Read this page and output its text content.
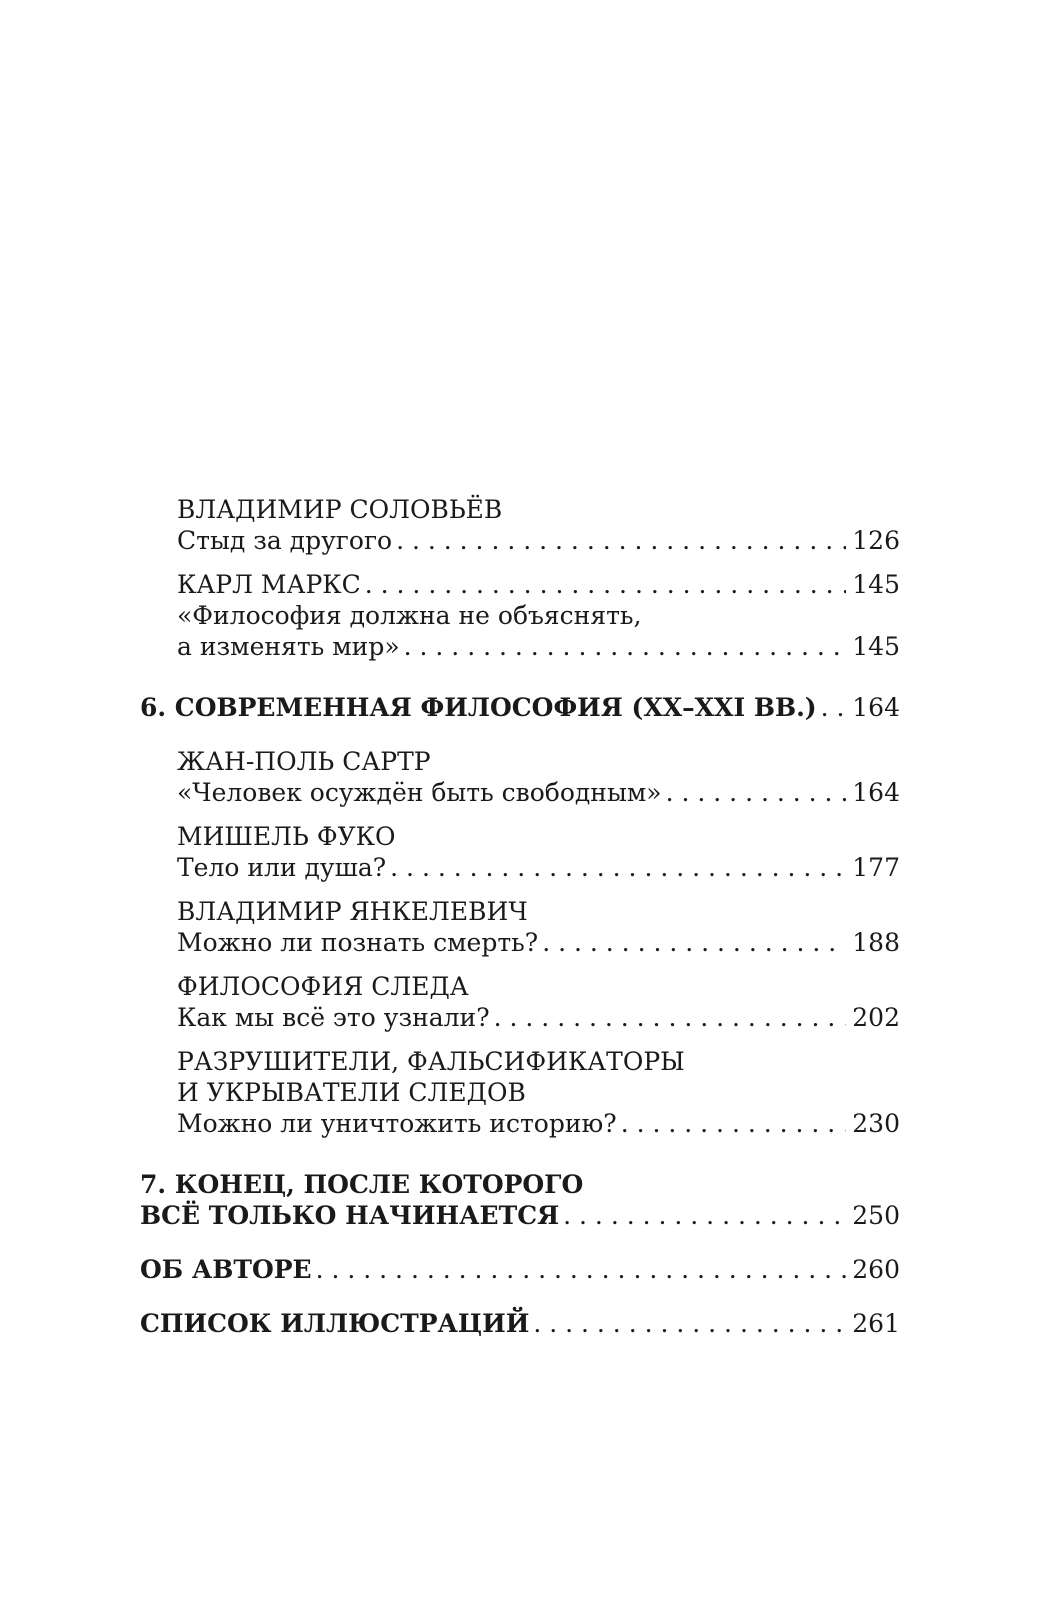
ВЛАДИМИР СОЛОВЬЁВ
Стыд за другого . . .	126
КАРЛ МАРКС . . .	145
«Философия должна не объяснять,
а изменять мир» . . .	145
6. СОВРЕМЕННАЯ ФИЛОСОФИЯ (XX–XXI ВВ.) . . . 164
ЖАН-ПОЛЬ САРТР
«Человек осуждён быть свободным» . . .	164
МИШЕЛЬ ФУКО
Тело или душа? . . .	177
ВЛАДИМИР ЯНКЕЛЕВИЧ
Можно ли познать смерть? . . .	188
ФИЛОСОФИЯ СЛЕДА
Как мы всё это узнали? . . .	202
РАЗРУШИТЕЛИ, ФАЛЬСИФИКАТОРЫ
И УКРЫВАТЕЛИ СЛЕДОВ
Можно ли уничтожить историю? . . .	230
7. КОНЕЦ, ПОСЛЕ КОТОРОГО
ВСЁ ТОЛЬКО НАЧИНАЕТСЯ . . .	250
ОБ АВТОРЕ . . .	260
СПИСОК ИЛЛЮСТРАЦИЙ . . .	261
